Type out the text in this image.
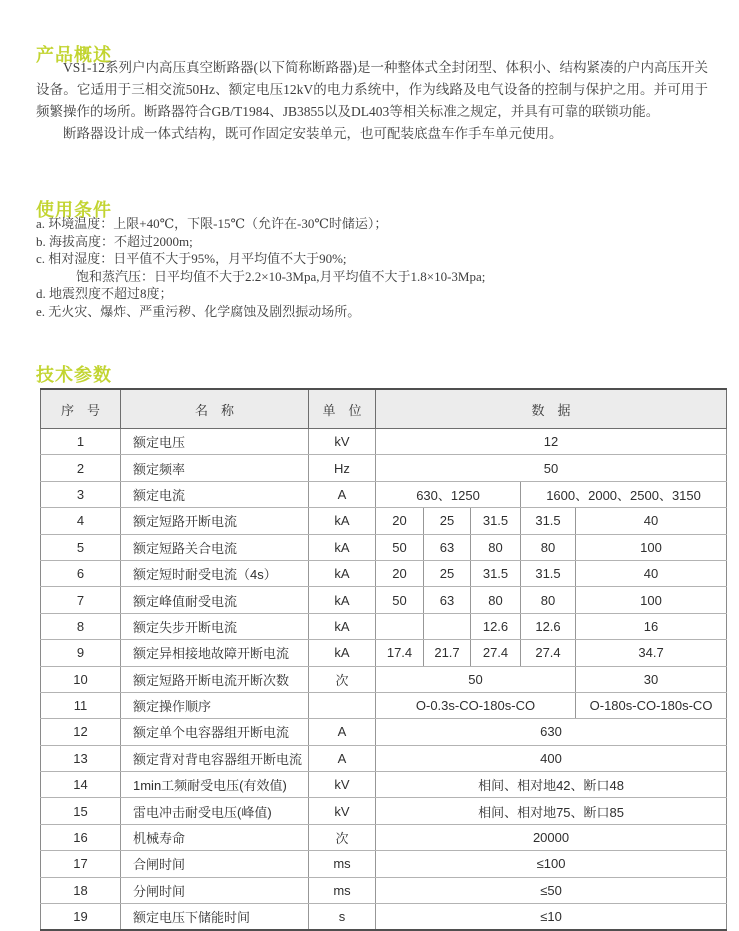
产品概述

VS1-12系列户内高压真空断路器(以下简称断路器)是一种整体式全封闭型、体积小、结构紧凑的户内高压开关设备。它适用于三相交流50Hz、额定电压12kV的电力系统中，作为线路及电气设备的控制与保护之用。并可用于频繁操作的场所。断路器符合GB/T1984、JB3855以及DL403等相关标准之规定，并具有可靠的联锁功能。

断路器设计成一体式结构，既可作固定安装单元，也可配装底盘车作手车单元使用。

使用条件

a. 环境温度：上限+40℃，下限-15℃（允许在-30℃时储运）；

b. 海拔高度：不超过2000m;

c. 相对湿度：日平值不大于95%，月平均值不大于90%;

饱和蒸汽压：日平均值不大于2.2×10-3Mpa,月平均值不大于1.8×10-3Mpa;

d. 地震烈度不超过8度；

e. 无火灾、爆炸、严重污秽、化学腐蚀及剧烈振动场所。

技术参数
序　号	名　称	单　位	数　据				
1	额定电压	kV	12				
2	额定频率	Hz	50				
3	额定电流	A	630、1250			1600、2000、2500、3150	
4	额定短路开断电流	kA	20	25	31.5	31.5	40
5	额定短路关合电流	kA	50	63	80	80	100
6	额定短时耐受电流（4s）	kA	20	25	31.5	31.5	40
7	额定峰值耐受电流	kA	50	63	80	80	100
8	额定失步开断电流	kA			12.6	12.6	16
9	额定异相接地故障开断电流	kA	17.4	21.7	27.4	27.4	34.7
10	额定短路开断电流开断次数	次	50				30
11	额定操作顺序		O-0.3s-CO-180s-CO				O-180s-CO-180s-CO
12	额定单个电容器组开断电流	A	630				
13	额定背对背电容器组开断电流	A	400				
14	1min工频耐受电压(有效值)	kV	相间、相对地42、断口48				
15	雷电冲击耐受电压(峰值)	kV	相间、相对地75、断口85				
16	机械寿命	次	20000				
17	合闸时间	ms	≤100				
18	分闸时间	ms	≤50				
19	额定电压下储能时间	s	≤10				
